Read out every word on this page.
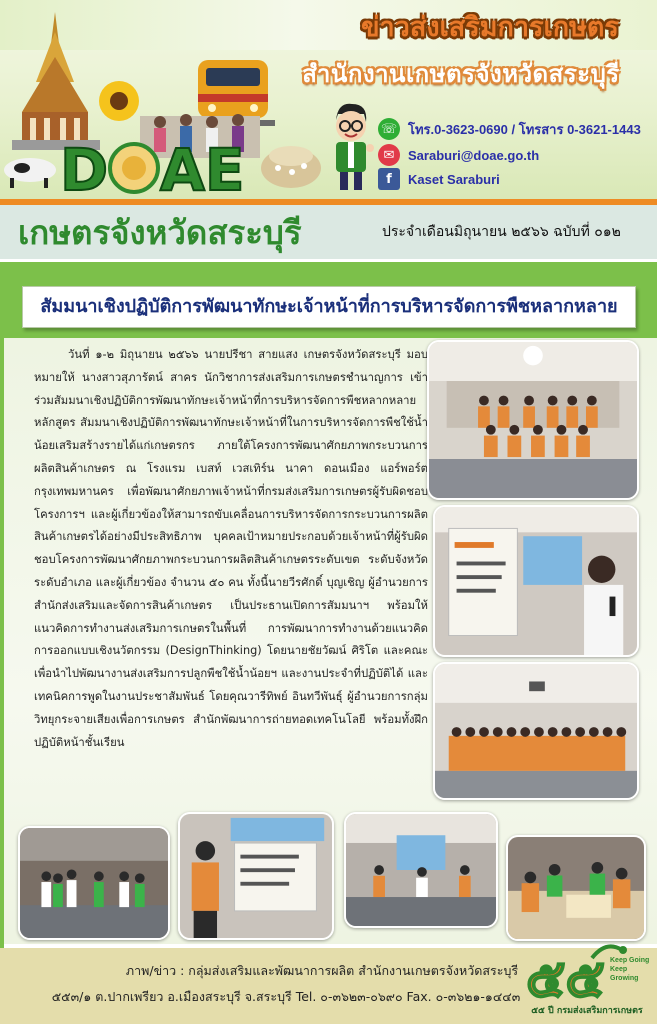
D AE
ข่าวส่งเสริมการเกษตร
สำนักงานเกษตรจังหวัดสระบุรี
☏ โทร.0-3623-0690 / โทรสาร 0-3621-1443
✉	Saraburi@doae.go.th
f	Kaset Saraburi
เกษตรจังหวัดสระบุรี	ประจำเดือนมิถุนายน ๒๕๖๖ ฉบับที่ ๐๑๒
สัมมนาเชิงปฏิบัติการพัฒนาทักษะเจ้าหน้าที่การบริหารจัดการพืชหลากหลาย
วันที่ ๑-๒ มิถุนายน ๒๕๖๖ นายปรีชา สายแสง เกษตรจังหวัดสระบุรี มอบหมายให้ นางสาวสุภารัตน์ สาคร นักวิชาการส่งเสริมการเกษตรชำนาญการ เข้าร่วมสัมมนาเชิงปฏิบัติการพัฒนาทักษะเจ้าหน้าที่การบริหารจัดการพืชหลากหลาย หลักสูตร สัมมนาเชิงปฏิบัติการพัฒนาทักษะเจ้าหน้าที่ในการบริหารจัดการพืชใช้น้ำน้อยเสริมสร้างรายได้แก่เกษตรกร ภายใต้โครงการพัฒนาศักยภาพกระบวนการผลิตสินค้าเกษตร ณ โรงแรม เบสท์ เวสเทิร์น นาคา ดอนเมือง แอร์พอร์ต กรุงเทพมหานคร เพื่อพัฒนาศักยภาพเจ้าหน้าที่กรมส่งเสริมการเกษตรผู้รับผิดชอบโครงการฯ และผู้เกี่ยวข้องให้สามารถขับเคลื่อนการบริหารจัดการกระบวนการผลิตสินค้าเกษตรได้อย่างมีประสิทธิภาพ บุคคลเป้าหมายประกอบด้วยเจ้าหน้าที่ผู้รับผิดชอบโครงการพัฒนาศักยภาพกระบวนการผลิตสินค้าเกษตรระดับเขต ระดับจังหวัด ระดับอำเภอ และผู้เกี่ยวข้อง จำนวน ๕๐ คน ทั้งนี้นายวีรศักดิ์ บุญเชิญ ผู้อำนวยการสำนักส่งเสริมและจัดการสินค้าเกษตร เป็นประธานเปิดการสัมมนาฯ พร้อมให้แนวคิดการทำงานส่งเสริมการเกษตรในพื้นที่ การพัฒนาการทำงานด้วยแนวคิดการออกแบบเชิงนวัตกรรม (DesignThinking) โดยนายชัยวัฒน์ ศิริโต และคณะ เพื่อนำไปพัฒนางานส่งเสริมการปลูกพืชใช้น้ำน้อยฯ และงานประจำที่ปฏิบัติได้ และเทคนิคการพูดในงานประชาสัมพันธ์ โดยคุณวารีทิพย์ อินทวีพันธุ์ ผู้อำนวยการกลุ่มวิทยุกระจายเสียงเพื่อการเกษตร สำนักพัฒนาการถ่ายทอดเทคโนโลยี พร้อมทั้งฝึกปฏิบัติหน้าชั้นเรียน
ภาพ/ข่าว : กลุ่มส่งเสริมและพัฒนาการผลิต สำนักงานเกษตรจังหวัดสระบุรี
๕๕๓/๑ ต.ปากเพรียว อ.เมืองสระบุรี จ.สระบุรี Tel. ๐-๓๖๒๓-๐๖๙๐ Fax. ๐-๓๖๒๑-๑๔๔๓ ๕๕ Keep Going Keep Growing
๕๕ ปี กรมส่งเสริมการเกษตร
